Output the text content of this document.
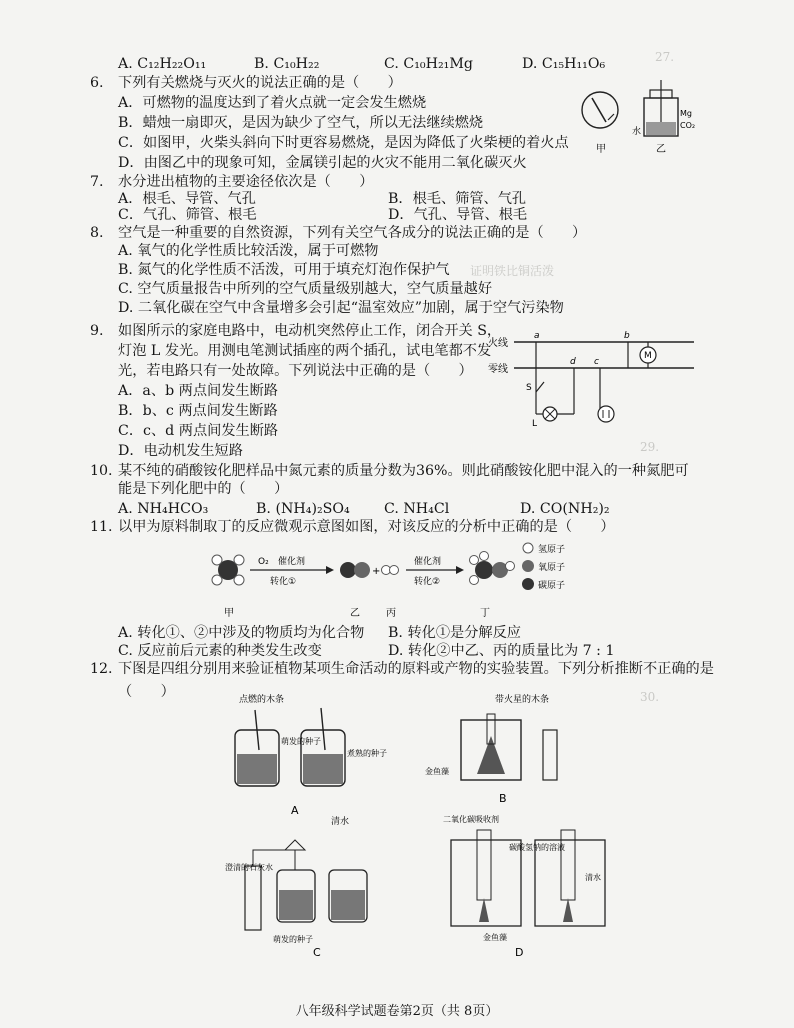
27.
证明铁比铜活泼
29.
30.
A. C₁₂H₂₂O₁₁	B. C₁₀H₂₂	C. C₁₀H₂₁Mg	D. C₁₅H₁₁O₆
6. 下列有关燃烧与灭火的说法正确的是（　　）
A．可燃物的温度达到了着火点就一定会发生燃烧
B．蜡烛一扇即灭，是因为缺少了空气，所以无法继续燃烧
C．如图甲，火柴头斜向下时更容易燃烧，是因为降低了火柴梗的着火点
D．由图乙中的现象可知，金属镁引起的火灾不能用二氧化碳灭火
甲
Mg
CO₂
水
乙
7. 水分进出植物的主要途径依次是（　　）
A．根毛、导管、气孔	B．根毛、筛管、气孔
C．气孔、筛管、根毛	D．气孔、导管、根毛
8. 空气是一种重要的自然资源，下列有关空气各成分的说法正确的是（　　）
A. 氧气的化学性质比较活泼，属于可燃物
B. 氮气的化学性质不活泼，可用于填充灯泡作保护气
C. 空气质量报告中所列的空气质量级别越大，空气质量越好
D. 二氧化碳在空气中含量增多会引起“温室效应”加剧，属于空气污染物
9. 如图所示的家庭电路中，电动机突然停止工作，闭合开关 S，
灯泡 L 发光。用测电笔测试插座的两个插孔，试电笔都不发
光，若电路只有一处故障。下列说法中正确的是（　　）
A．a、b 两点间发生断路
B．b、c 两点间发生断路
C．c、d 两点间发生断路
D．电动机发生短路
火线
零线
a	b
d c
M
S
L
10. 某不纯的硝酸铵化肥样品中氮元素的质量分数为36%。则此硝酸铵化肥中混入的一种氮肥可
能是下列化肥中的（　　）
A. NH₄HCO₃	B. (NH₄)₂SO₄ C. NH₄Cl	D. CO(NH₂)₂
11. 以甲为原料制取丁的反应微观示意图如图，对该反应的分析中正确的是（　　）
甲
O₂ 催化剂
转化①
乙
+
丙
催化剂
转化②
丁
氢原子
氧原子
碳原子
A. 转化①、②中涉及的物质均为化合物 B. 转化①是分解反应
C. 反应前后元素的种类发生改变	D. 转化②中乙、丙的质量比为 7 : 1
12. 下图是四组分别用来验证植物某项生命活动的原料或产物的实验装置。下列分析推断不正确的是
（　　）	点燃的木条
萌发的种子
煮熟的种子
A
带火星的木条
金鱼藻
B
清水
澄清的石灰水
萌发的种子
C
二氧化碳吸收剂
碳酸氢钠的溶液
清水
金鱼藻
D
八年级科学试题卷第2页（共 8页）
